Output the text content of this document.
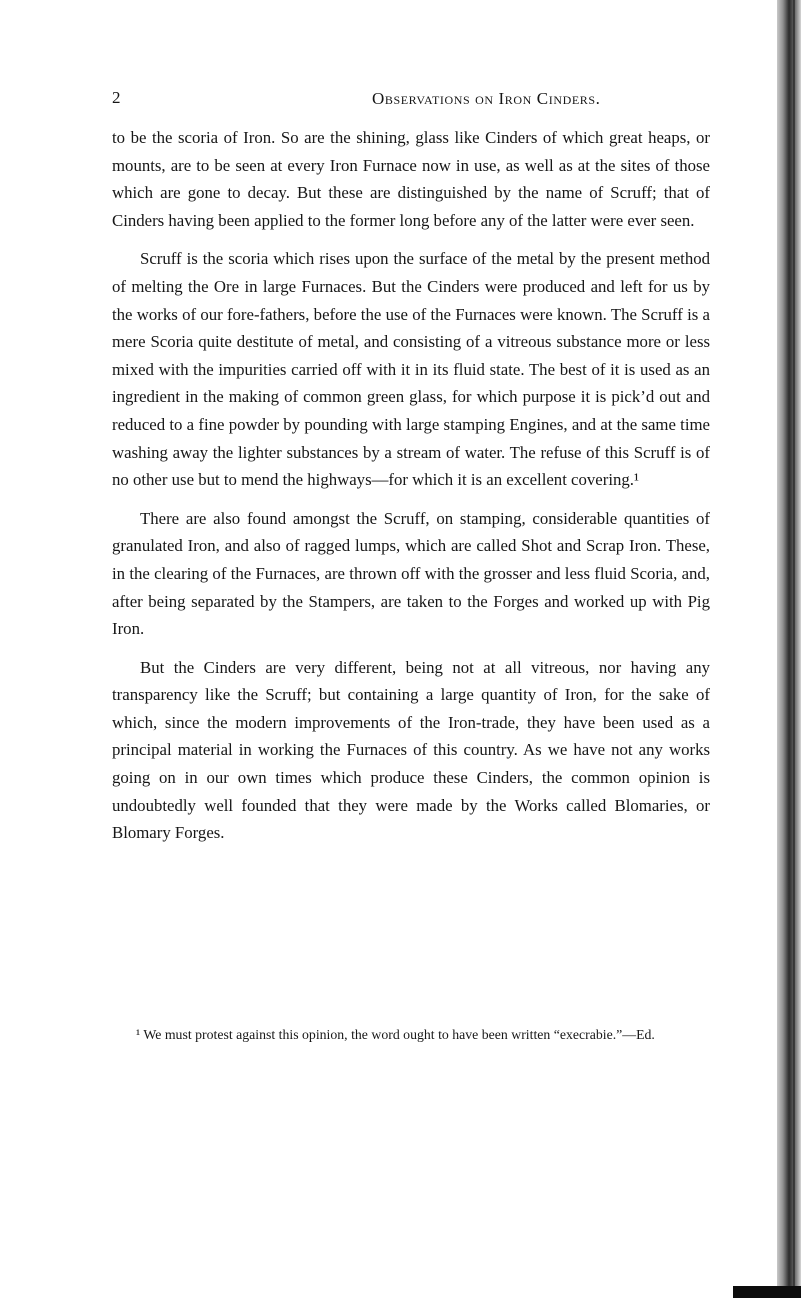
2	Observations on Iron Cinders.

to be the scoria of Iron. So are the shining, glass like Cinders of which great heaps, or mounts, are to be seen at every Iron Furnace now in use, as well as at the sites of those which are gone to decay. But these are distinguished by the name of Scruff; that of Cinders having been applied to the former long before any of the latter were ever seen.

Scruff is the scoria which rises upon the surface of the metal by the present method of melting the Ore in large Furnaces. But the Cinders were produced and left for us by the works of our fore-fathers, before the use of the Furnaces were known. The Scruff is a mere Scoria quite destitute of metal, and consisting of a vitreous substance more or less mixed with the impurities carried off with it in its fluid state. The best of it is used as an ingredient in the making of common green glass, for which purpose it is pick’d out and reduced to a fine powder by pounding with large stamping Engines, and at the same time washing away the lighter substances by a stream of water. The refuse of this Scruff is of no other use but to mend the highways—for which it is an excellent covering.¹

There are also found amongst the Scruff, on stamping, considerable quantities of granulated Iron, and also of ragged lumps, which are called Shot and Scrap Iron. These, in the clearing of the Furnaces, are thrown off with the grosser and less fluid Scoria, and, after being separated by the Stampers, are taken to the Forges and worked up with Pig Iron.

But the Cinders are very different, being not at all vitreous, nor having any transparency like the Scruff; but containing a large quantity of Iron, for the sake of which, since the modern improvements of the Iron-trade, they have been used as a principal material in working the Furnaces of this country. As we have not any works going on in our own times which produce these Cinders, the common opinion is undoubtedly well founded that they were made by the Works called Blomaries, or Blomary Forges.

¹ We must protest against this opinion, the word ought to have been written “execrabie.”—Ed.
